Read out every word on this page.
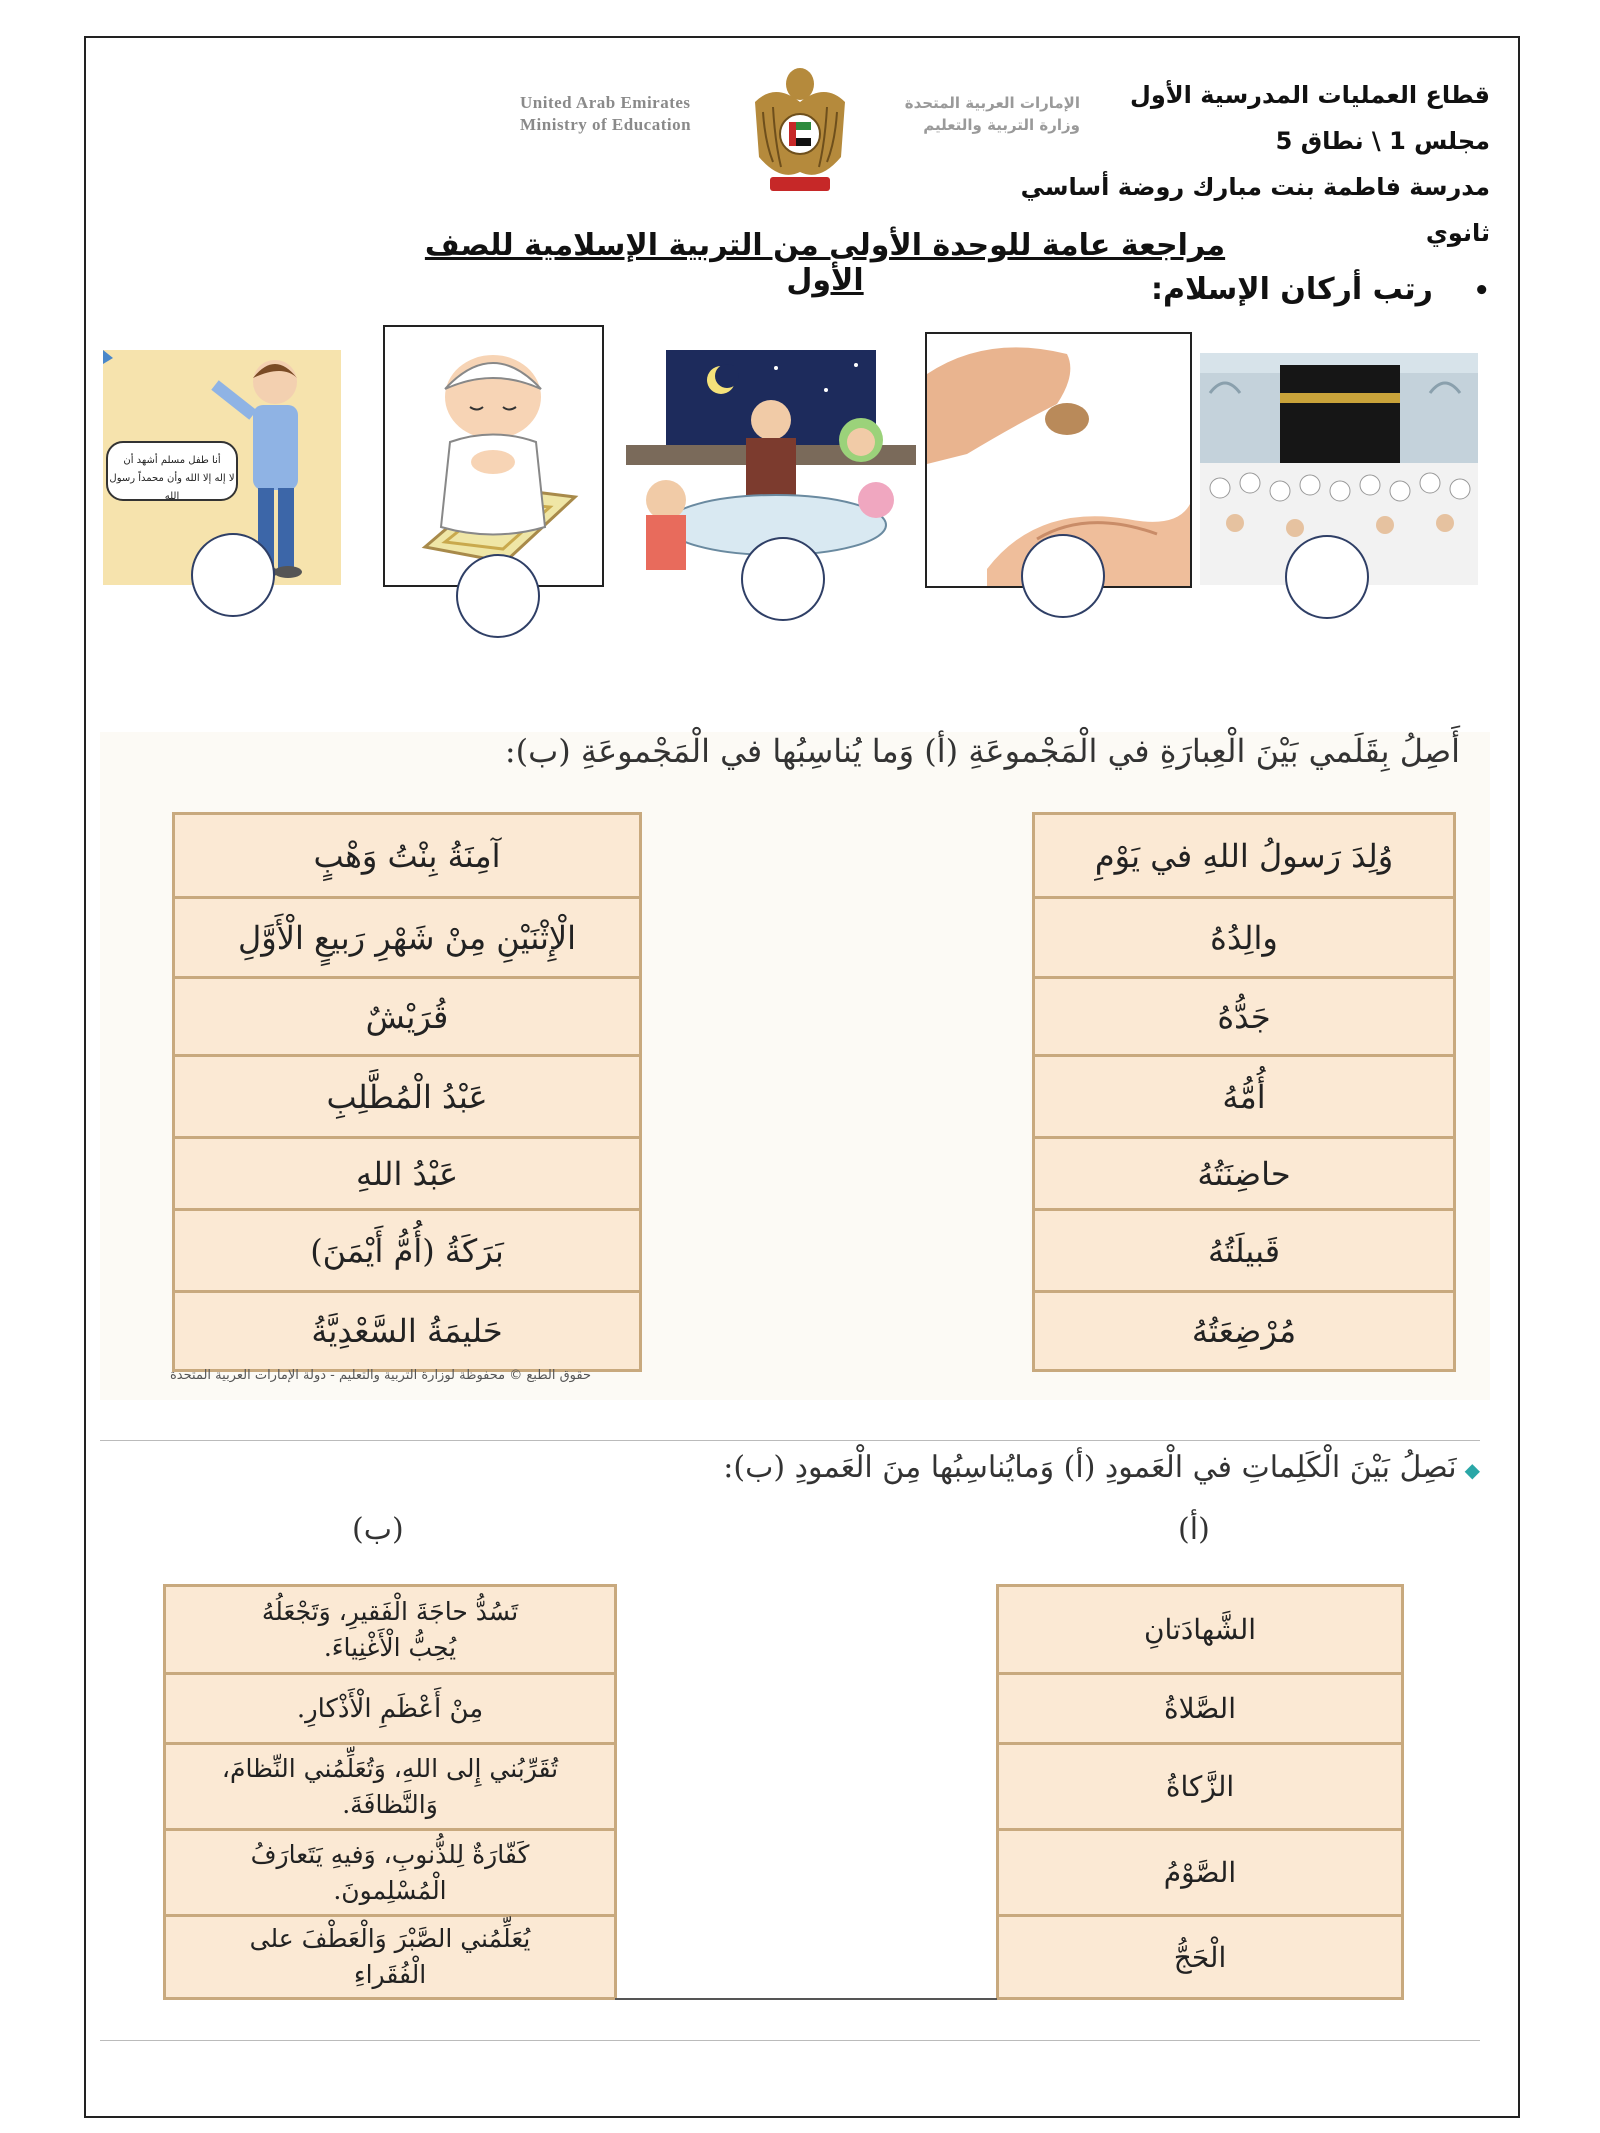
قطاع العمليات المدرسية الأول
مجلس 1 \ نطاق 5
مدرسة فاطمة بنت مبارك روضة أساسي ثانوي
United Arab Emirates
Ministry of Education
الإمارات العربية المتحدة
وزارة التربية والتعليم
مراجعة عامة للوحدة الأولى من التربية الإسلامية للصف الأول	• رتب أركان الإسلام:
أنا طفل مسلم أشهد أن
لا إله إلا الله وأن محمداً رسول الله
أَصِلُ بِقَلَمي بَيْنَ الْعِبارَةِ في الْمَجْموعَةِ (أ) وَما يُناسِبُها في الْمَجْموعَةِ (ب):
آمِنَةُ بِنْتُ وَهْبٍ
الْإِثْنَيْنِ مِنْ شَهْرِ رَبيعٍ الْأَوَّلِ
قُرَيْشٌ
عَبْدُ الْمُطَّلِبِ
عَبْدُ اللهِ
بَرَكَةُ (أُمُّ أَيْمَنَ)
حَليمَةُ السَّعْدِيَّةُ
وُلِدَ رَسولُ اللهِ في يَوْمِ
والِدُهُ
جَدُّهُ
أُمُّهُ
حاضِنَتُهُ
قَبيلَتُهُ
مُرْضِعَتُهُ
حقوق الطبع © محفوظة لوزارة التربية والتعليم - دولة الإمارات العربية المتحدة
◆نَصِلُ بَيْنَ الْكَلِماتِ في الْعَمودِ (أ) وَمايُناسِبُها مِنَ الْعَمودِ (ب):
(ب)	(أ)
تَسُدُّ حاجَةَ الْفَقيرِ، وَتَجْعَلُهُ
يُحِبُّ الْأَغْنِياءَ.
مِنْ أَعْظَمِ الْأَذْكارِ.
تُقَرِّبُني إِلى اللهِ، وَتُعَلِّمُني النِّظامَ،
وَالنَّظافَةَ.
كَفّارَةٌ لِلذُّنوبِ، وَفيهِ يَتَعارَفُ
الْمُسْلِمونَ.
يُعَلِّمُني الصَّبْرَ وَالْعَطْفَ على
الْفُقَراءِ
الشَّهادَتانِ
الصَّلاةُ
الزَّكاةُ
الصَّوْمُ
الْحَجُّ
